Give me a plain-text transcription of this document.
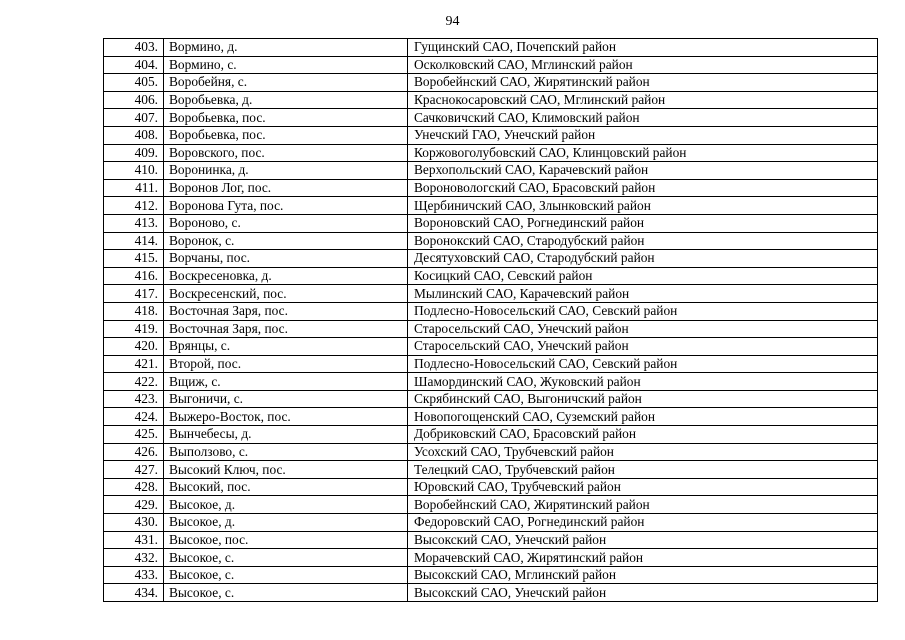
94
403.	Вормино, д.	Гущинский САО, Почепский район
404.	Вормино, с.	Осколковский САО, Мглинский район
405.	Воробейня, с.	Воробейнский САО, Жирятинский район
406.	Воробьевка, д.	Краснокосаровский САО, Мглинский район
407.	Воробьевка, пос.	Сачковичский САО, Климовский район
408.	Воробьевка, пос.	Унечский ГАО, Унечский район
409.	Воровского, пос.	Коржовоголубовский САО, Клинцовский район
410.	Воронинка, д.	Верхопольский САО, Карачевский район
411.	Воронов Лог, пос.	Вороновологский САО, Брасовский район
412.	Воронова Гута, пос.	Щербиничский САО, Злынковский район
413.	Вороново, с.	Вороновский САО, Рогнединский район
414.	Воронок, с.	Воронокский САО, Стародубский район
415.	Ворчаны, пос.	Десятуховский САО, Стародубский район
416.	Воскресеновка, д.	Косицкий САО, Севский район
417.	Воскресенский, пос.	Мылинский САО, Карачевский район
418.	Восточная Заря, пос.	Подлесно-Новосельский САО, Севский район
419.	Восточная Заря, пос.	Старосельский САО, Унечский район
420.	Врянцы, с.	Старосельский САО, Унечский район
421.	Второй, пос.	Подлесно-Новосельский САО, Севский район
422.	Вщиж, с.	Шамординский САО, Жуковский район
423.	Выгоничи, с.	Скрябинский САО, Выгоничский район
424.	Выжеро-Восток, пос.	Новопогощенский САО, Суземский район
425.	Вынчебесы, д.	Добриковский САО, Брасовский район
426.	Выползово, с.	Усохский САО, Трубчевский район
427.	Высокий Ключ, пос.	Телецкий САО, Трубчевский район
428.	Высокий, пос.	Юровский САО, Трубчевский район
429.	Высокое, д.	Воробейнский САО, Жирятинский район
430.	Высокое, д.	Федоровский САО, Рогнединский район
431.	Высокое, пос.	Высокский САО, Унечский район
432.	Высокое, с.	Морачевский САО, Жирятинский район
433.	Высокое, с.	Высокский САО, Мглинский район
434.	Высокое, с.	Высокский САО, Унечский район
